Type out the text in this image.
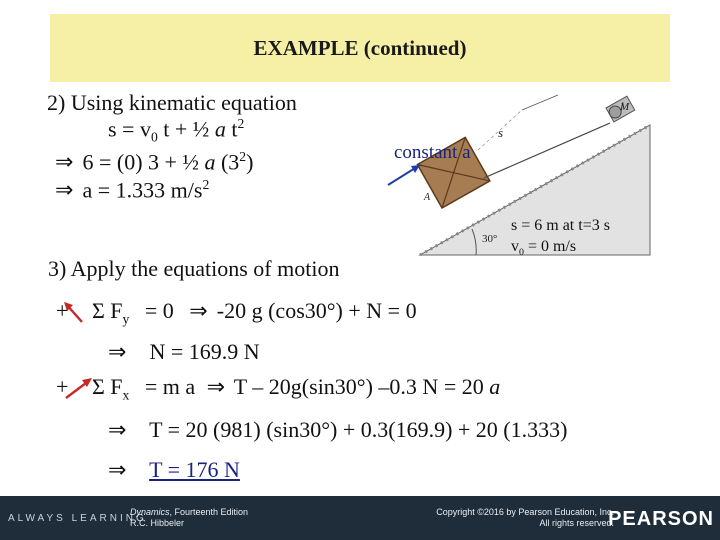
EXAMPLE (continued)
2) Using kinematic equation
$s = v_0$ t + ½ a $t^2$
⇒ 6 = (0) 3 + ½ a $(3^2)$
⇒ a = 1.333 $m/s^2$
s
M
A
30°
constant a
s = 6 m at t=3 s
$v_0 = 0$ m/s
3) Apply the equations of motion
+ Σ $F_y = 0$ ⇒ -20 g (cos30°) + N = 0
⇒ N = 169.9 N
+ Σ $F_x = m$ a ⇒ T – 20g(sin30°) –0.3 N = 20 a
⇒ T = 20 (981) (sin30°) + 0.3(169.9) + 20 (1.333)
⇒ T = 176 N
ALWAYS LEARNING
Dynamics, Fourteenth Edition
R.C. Hibbeler
Copyright ©2016 by Pearson Education, Inc.
All rights reserved.
PEARSON
